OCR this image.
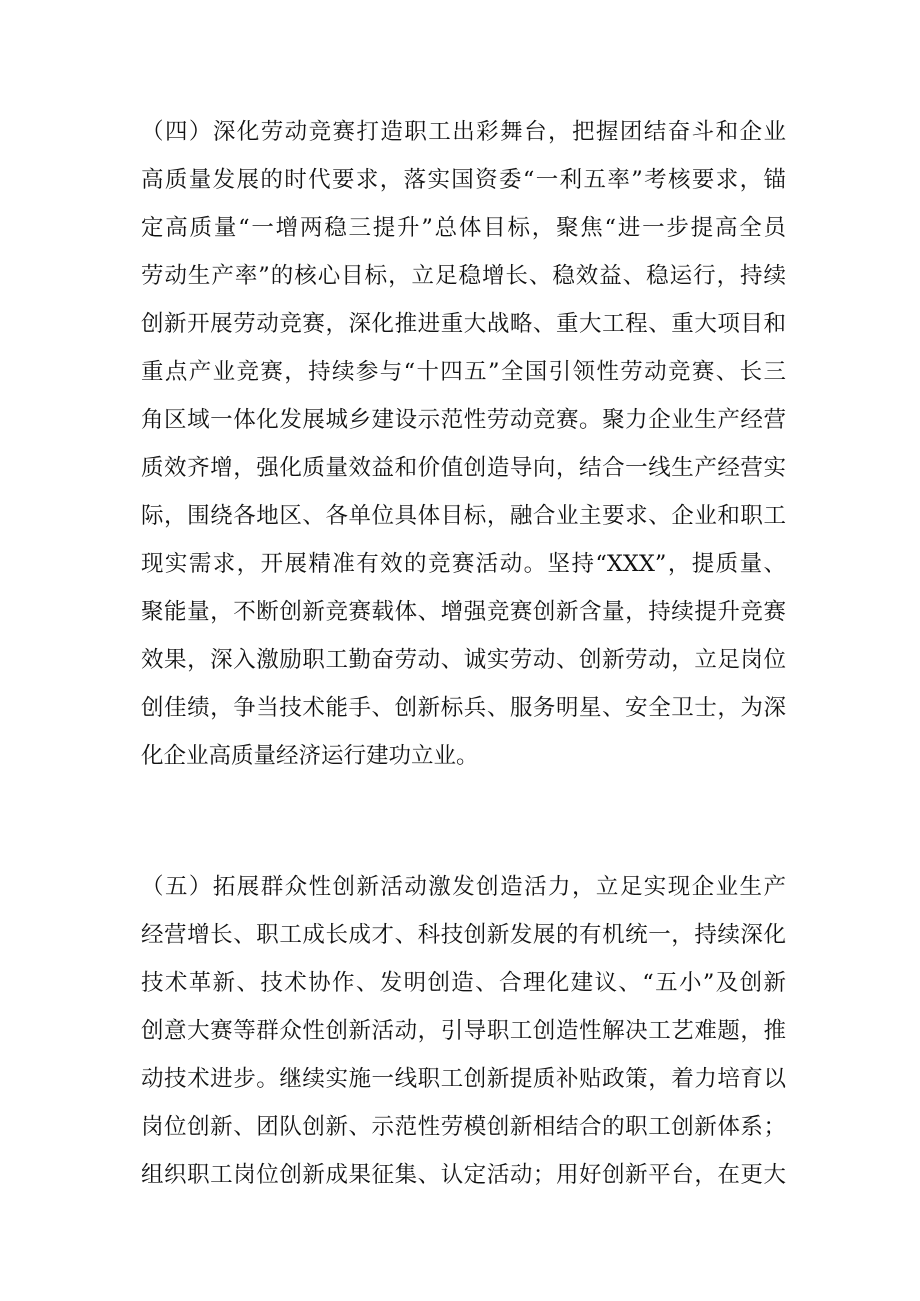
（四）深化劳动竞赛打造职工出彩舞台，把握团结奋斗和企业
高质量发展的时代要求，落实国资委“一利五率”考核要求，锚
定高质量“一增两稳三提升”总体目标，聚焦“进一步提高全员
劳动生产率”的核心目标，立足稳增长、稳效益、稳运行，持续
创新开展劳动竞赛，深化推进重大战略、重大工程、重大项目和
重点产业竞赛，持续参与“十四五”全国引领性劳动竞赛、长三
角区域一体化发展城乡建设示范性劳动竞赛。聚力企业生产经营
质效齐增，强化质量效益和价值创造导向，结合一线生产经营实
际，围绕各地区、各单位具体目标，融合业主要求、企业和职工
现实需求，开展精准有效的竞赛活动。坚持“XXX”，提质量、
聚能量，不断创新竞赛载体、增强竞赛创新含量，持续提升竞赛
效果，深入激励职工勤奋劳动、诚实劳动、创新劳动，立足岗位
创佳绩，争当技术能手、创新标兵、服务明星、安全卫士，为深
化企业高质量经济运行建功立业。
（五）拓展群众性创新活动激发创造活力，立足实现企业生产
经营增长、职工成长成才、科技创新发展的有机统一，持续深化
技术革新、技术协作、发明创造、合理化建议、“五小”及创新
创意大赛等群众性创新活动，引导职工创造性解决工艺难题，推
动技术进步。继续实施一线职工创新提质补贴政策，着力培育以
岗位创新、团队创新、示范性劳模创新相结合的职工创新体系；
组织职工岗位创新成果征集、认定活动；用好创新平台，在更大
